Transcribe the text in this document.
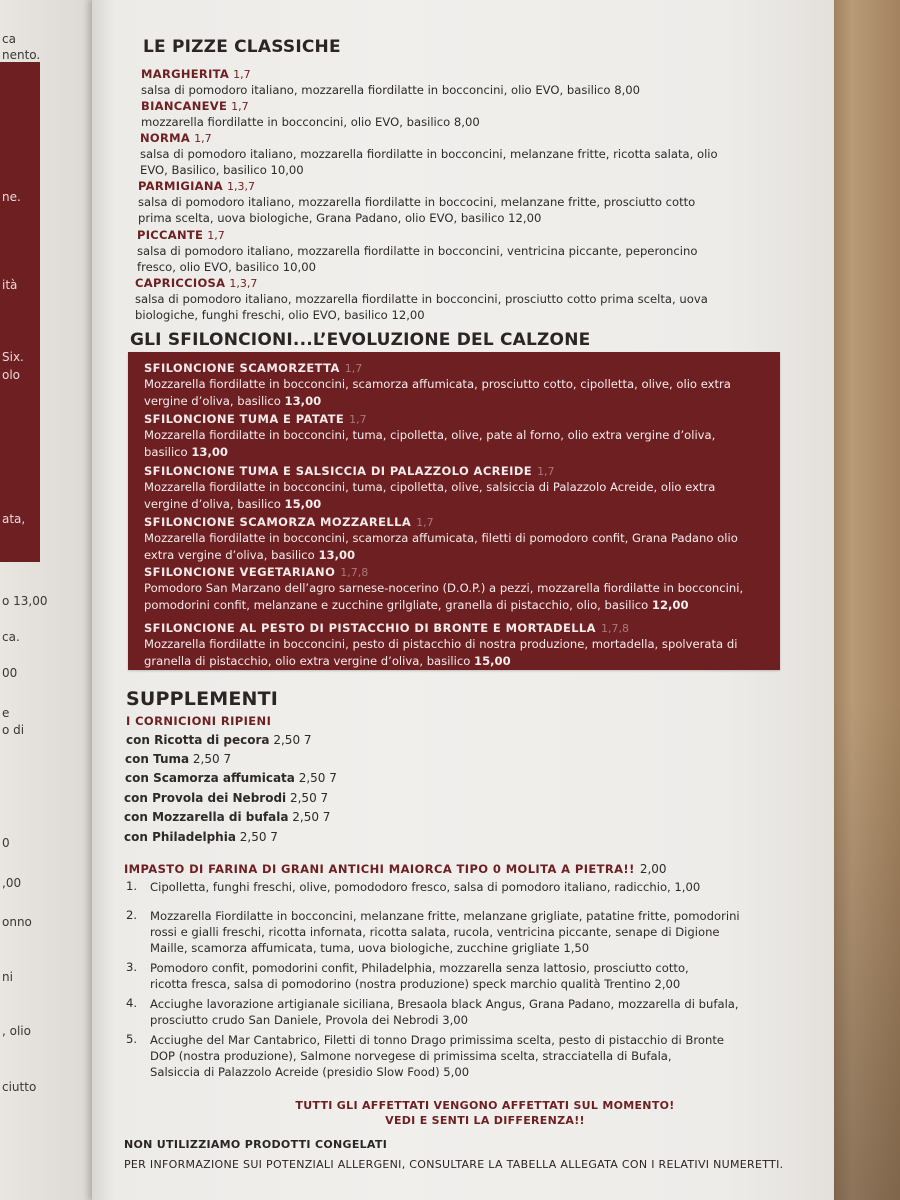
ca
nento.
ne.
ità
Six.
olo
ata,
o 13,00
ca.
00
e
o di
0
,00
onno
ni
, olio
ciutto
LE PIZZE CLASSICHE
MARGHERITA 1,7
salsa di pomodoro italiano, mozzarella fiordilatte in bocconcini, olio EVO, basilico 8,00
BIANCANEVE 1,7
mozzarella fiordilatte in bocconcini, olio EVO, basilico 8,00
NORMA 1,7
salsa di pomodoro italiano, mozzarella fiordilatte in bocconcini, melanzane fritte, ricotta salata, olio
EVO, Basilico, basilico 10,00
PARMIGIANA 1,3,7
salsa di pomodoro italiano, mozzarella fiordilatte in boccocini, melanzane fritte, prosciutto cotto
prima scelta, uova biologiche, Grana Padano, olio EVO, basilico 12,00
PICCANTE 1,7
salsa di pomodoro italiano, mozzarella fiordilatte in bocconcini, ventricina piccante, peperoncino
fresco, olio EVO, basilico 10,00
CAPRICCIOSA 1,3,7
salsa di pomodoro italiano, mozzarella fiordilatte in bocconcini, prosciutto cotto prima scelta, uova
biologiche, funghi freschi, olio EVO, basilico 12,00
GLI SFILONCIONI...L’EVOLUZIONE DEL CALZONE
SFILONCIONE SCAMORZETTA 1,7
Mozzarella fiordilatte in bocconcini, scamorza affumicata, prosciutto cotto, cipolletta, olive, olio extra
vergine d’oliva, basilico 13,00
SFILONCIONE TUMA E PATATE 1,7
Mozzarella fiordilatte in bocconcini, tuma, cipolletta, olive, pate al forno, olio extra vergine d’oliva,
basilico 13,00
SFILONCIONE TUMA E SALSICCIA DI PALAZZOLO ACREIDE 1,7
Mozzarella fiordilatte in bocconcini, tuma, cipolletta, olive, salsiccia di Palazzolo Acreide, olio extra
vergine d’oliva, basilico 15,00
SFILONCIONE SCAMORZA MOZZARELLA 1,7
Mozzarella fiordilatte in bocconcini, scamorza affumicata, filetti di pomodoro confit, Grana Padano olio
extra vergine d’oliva, basilico 13,00
SFILONCIONE VEGETARIANO 1,7,8
Pomodoro San Marzano dell’agro sarnese-nocerino (D.O.P.) a pezzi, mozzarella fiordilatte in bocconcini,
pomodorini confit, melanzane e zucchine grilgliate, granella di pistacchio, olio, basilico 12,00
SFILONCIONE AL PESTO DI PISTACCHIO DI BRONTE E MORTADELLA 1,7,8
Mozzarella fiordilatte in bocconcini, pesto di pistacchio di nostra produzione, mortadella, spolverata di
granella di pistacchio, olio extra vergine d’oliva, basilico 15,00
SUPPLEMENTI
I CORNICIONI RIPIENI
con Ricotta di pecora 2,50 7
con Tuma 2,50 7
con Scamorza affumicata 2,50 7
con Provola dei Nebrodi 2,50 7
con Mozzarella di bufala 2,50 7
con Philadelphia 2,50 7
IMPASTO DI FARINA DI GRANI ANTICHI MAIORCA TIPO 0 MOLITA A PIETRA!! 2,00
1. Cipolletta, funghi freschi, olive, pomododoro fresco, salsa di pomodoro italiano, radicchio, 1,00
2. Mozzarella Fiordilatte in bocconcini, melanzane fritte, melanzane grigliate, patatine fritte, pomodorini
rossi e gialli freschi, ricotta infornata, ricotta salata, rucola, ventricina piccante, senape di Digione
Maille, scamorza affumicata, tuma, uova biologiche, zucchine grigliate 1,50
3. Pomodoro confit, pomodorini confit, Philadelphia, mozzarella senza lattosio, prosciutto cotto,
ricotta fresca, salsa di pomodorino (nostra produzione) speck marchio qualità Trentino 2,00
4. Acciughe lavorazione artigianale siciliana, Bresaola black Angus, Grana Padano, mozzarella di bufala,
prosciutto crudo San Daniele, Provola dei Nebrodi 3,00
5. Acciughe del Mar Cantabrico, Filetti di tonno Drago primissima scelta, pesto di pistacchio di Bronte
DOP (nostra produzione), Salmone norvegese di primissima scelta, stracciatella di Bufala,
Salsiccia di Palazzolo Acreide (presidio Slow Food) 5,00
TUTTI GLI AFFETTATI VENGONO AFFETTATI SUL MOMENTO!
VEDI E SENTI LA DIFFERENZA!!
NON UTILIZZIAMO PRODOTTI CONGELATI
PER INFORMAZIONE SUI POTENZIALI ALLERGENI, CONSULTARE LA TABELLA ALLEGATA CON I RELATIVI NUMERETTI.
